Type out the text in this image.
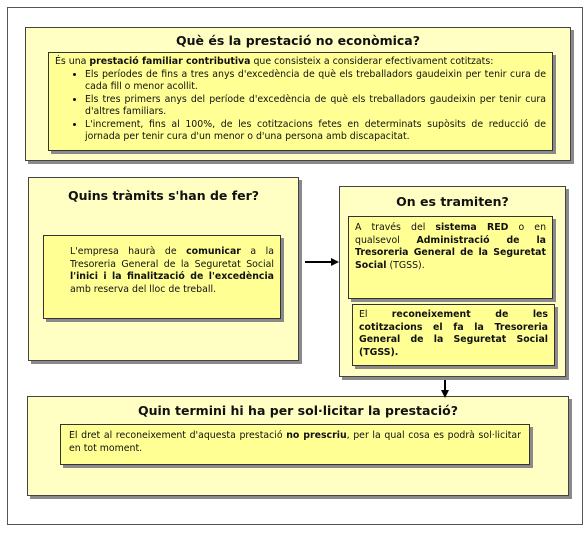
Què és la prestació no econòmica?
És una prestació familiar contributiva que consisteix a considerar efectivament cotitzats:
• Els períodes de fins a tres anys d'excedència de què els treballadors gaudeixin per tenir cura de cada fill o menor acollit.
• Els tres primers anys del període d'excedència de què els treballadors gaudeixin per tenir cura d'altres familiars.
• L'increment, fins al 100%, de les cotitzacions fetes en determinats supòsits de reducció de jornada per tenir cura d'un menor o d'una persona amb discapacitat.
Quins tràmits s'han de fer?
L'empresa haurà de comunicar a la Tresoreria General de la Seguretat Social l'inici i la finalització de l'excedència amb reserva del lloc de treball.
On es tramiten?
A través del sistema RED o en qualsevol Administració de la Tresoreria General de la Seguretat Social (TGSS).
El reconeixement de les cotitzacions el fa la Tresoreria General de la Seguretat Social (TGSS).
Quin termini hi ha per sol·licitar la prestació?
El dret al reconeixement d'aquesta prestació no prescriu, per la qual cosa es podrà sol·licitar en tot moment.
